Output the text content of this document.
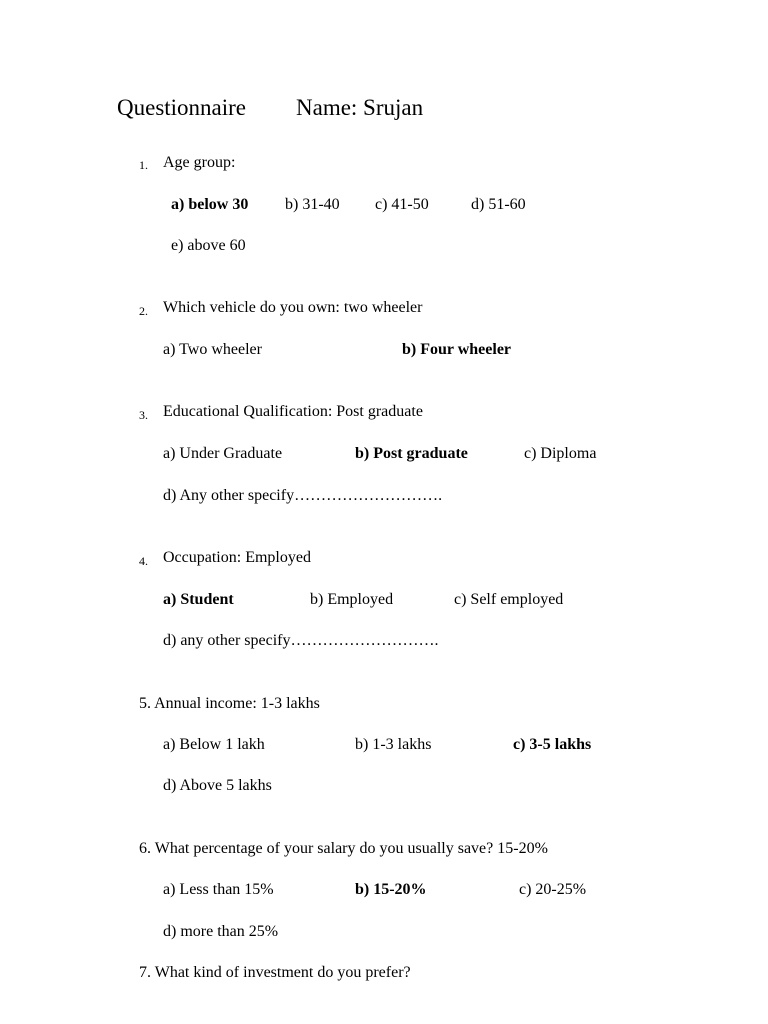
Questionnaire Name: Srujan
1. Age group:
a) below 30 b) 31-40 c) 41-50	d) 51-60
e) above 60
2. Which vehicle do you own: two wheeler
a) Two wheeler	b) Four wheeler
3. Educational Qualification: Post graduate
a) Under Graduate	b) Post graduate	c) Diploma
d) Any other specify……………………….
4. Occupation: Employed
a) Student	b) Employed	c) Self employed
d) any other specify……………………….
5. Annual income: 1-3 lakhs
a) Below 1 lakh	b) 1-3 lakhs	c) 3-5 lakhs
d) Above 5 lakhs
6. What percentage of your salary do you usually save? 15-20%
a) Less than 15%	b) 15-20%	c) 20-25%
d) more than 25%
7. What kind of investment do you prefer?
